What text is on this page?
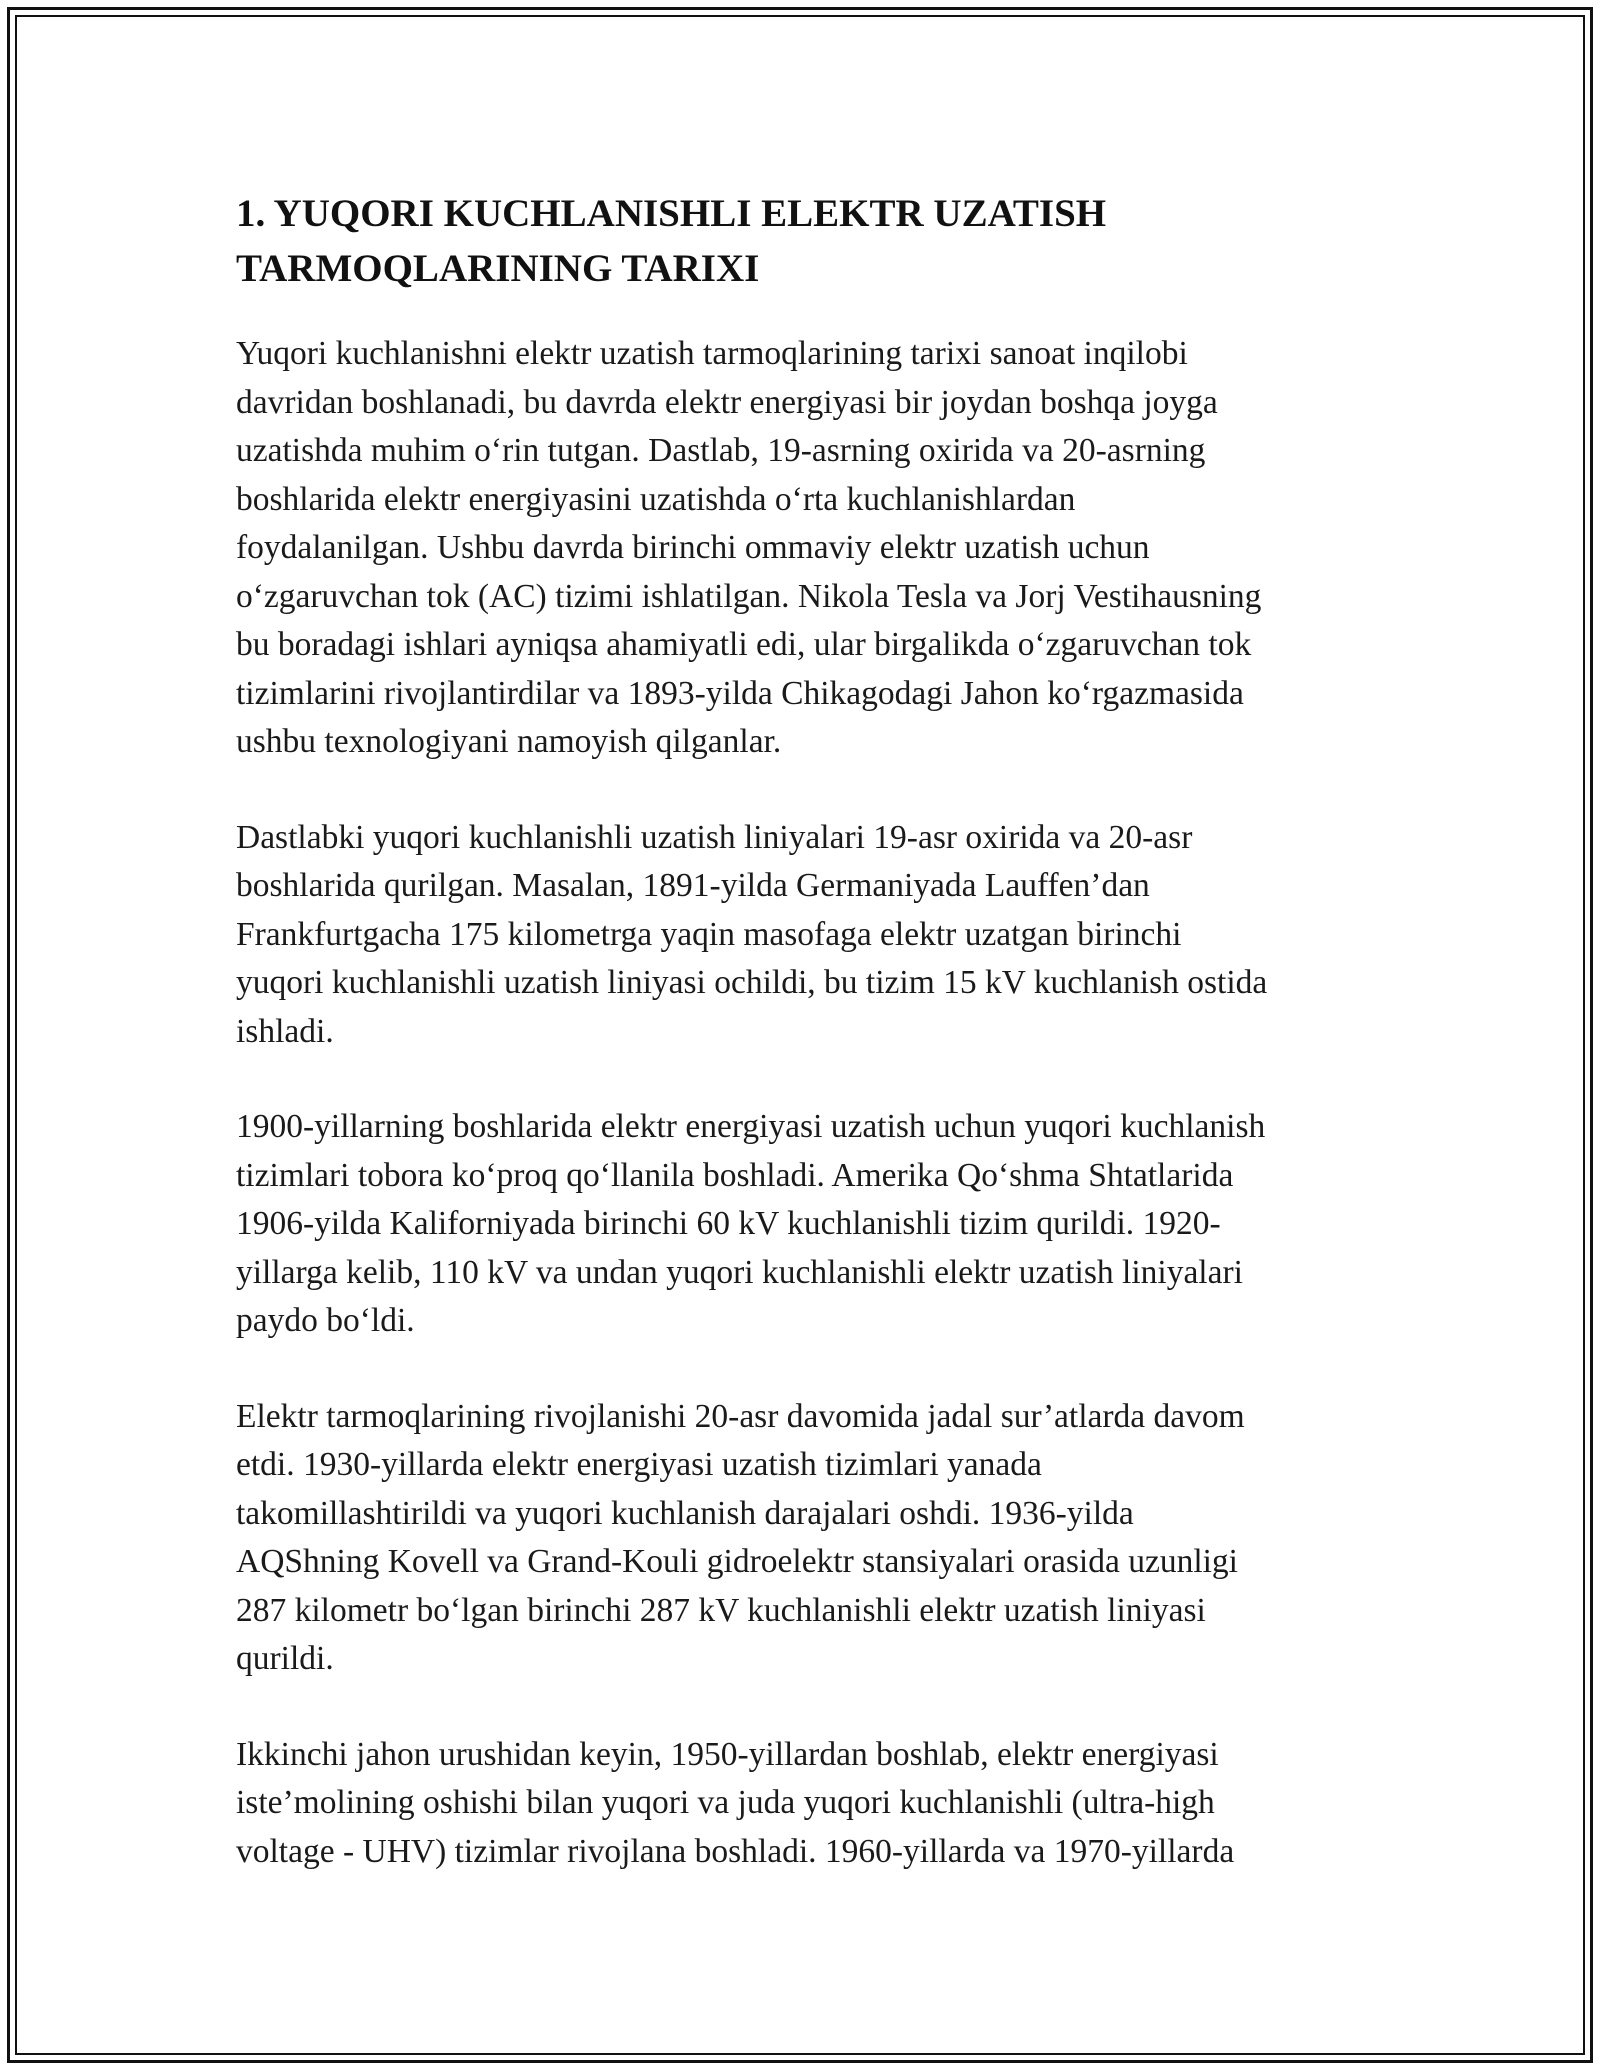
1. YUQORI KUCHLANISHLI ELEKTR UZATISH
TARMOQLARINING TARIXI

Yuqori kuchlanishni elektr uzatish tarmoqlarining tarixi sanoat inqilobi
davridan boshlanadi, bu davrda elektr energiyasi bir joydan boshqa joyga
uzatishda muhim oʻrin tutgan. Dastlab, 19-asrning oxirida va 20-asrning
boshlarida elektr energiyasini uzatishda oʻrta kuchlanishlardan
foydalanilgan. Ushbu davrda birinchi ommaviy elektr uzatish uchun
oʻzgaruvchan tok (AC) tizimi ishlatilgan. Nikola Tesla va Jorj Vestihausning
bu boradagi ishlari ayniqsa ahamiyatli edi, ular birgalikda oʻzgaruvchan tok
tizimlarini rivojlantirdilar va 1893-yilda Chikagodagi Jahon koʻrgazmasida
ushbu texnologiyani namoyish qilganlar.

Dastlabki yuqori kuchlanishli uzatish liniyalari 19-asr oxirida va 20-asr
boshlarida qurilgan. Masalan, 1891-yilda Germaniyada Lauffen’dan
Frankfurtgacha 175 kilometrga yaqin masofaga elektr uzatgan birinchi
yuqori kuchlanishli uzatish liniyasi ochildi, bu tizim 15 kV kuchlanish ostida
ishladi.

1900-yillarning boshlarida elektr energiyasi uzatish uchun yuqori kuchlanish
tizimlari tobora koʻproq qoʻllanila boshladi. Amerika Qoʻshma Shtatlarida
1906-yilda Kaliforniyada birinchi 60 kV kuchlanishli tizim qurildi. 1920-
yillarga kelib, 110 kV va undan yuqori kuchlanishli elektr uzatish liniyalari
paydo boʻldi.

Elektr tarmoqlarining rivojlanishi 20-asr davomida jadal sur’atlarda davom
etdi. 1930-yillarda elektr energiyasi uzatish tizimlari yanada
takomillashtirildi va yuqori kuchlanish darajalari oshdi. 1936-yilda
AQShning Kovell va Grand-Kouli gidroelektr stansiyalari orasida uzunligi
287 kilometr boʻlgan birinchi 287 kV kuchlanishli elektr uzatish liniyasi
qurildi.

Ikkinchi jahon urushidan keyin, 1950-yillardan boshlab, elektr energiyasi
iste’molining oshishi bilan yuqori va juda yuqori kuchlanishli (ultra-high
voltage - UHV) tizimlar rivojlana boshladi. 1960-yillarda va 1970-yillarda
